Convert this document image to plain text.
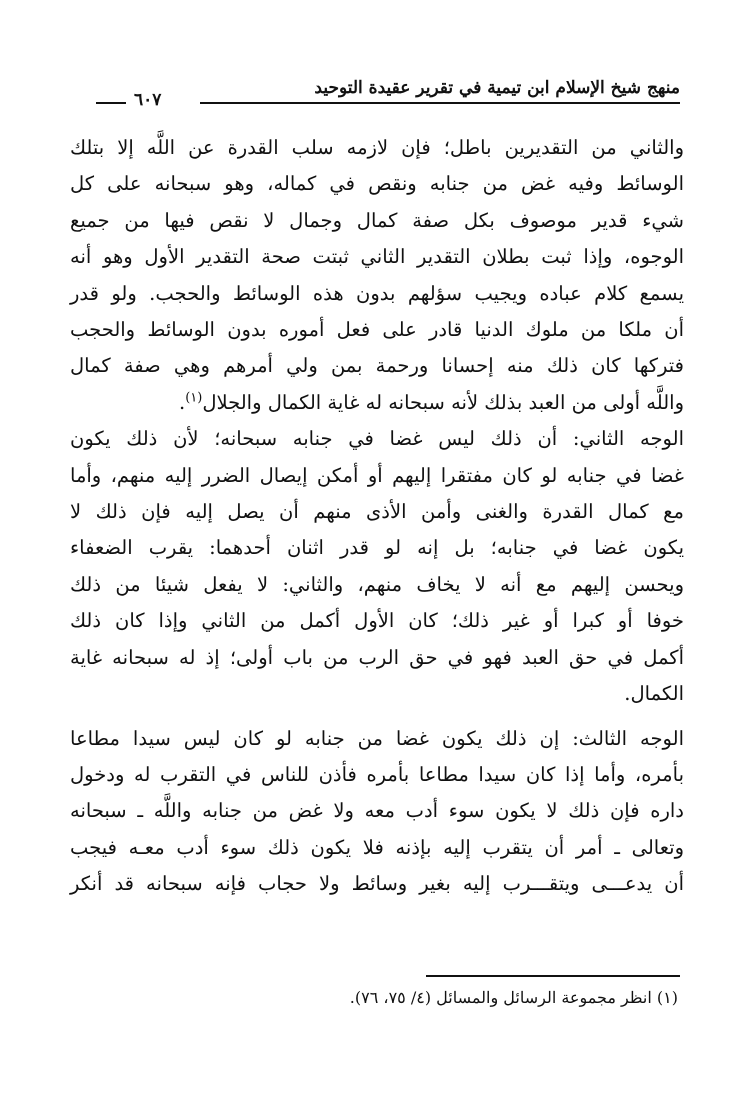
منهج شيخ الإسلام ابن تيمية في تقرير عقيدة التوحيد
٦٠٧
والثاني من التقديرين باطل؛ فإن لازمه سلب القدرة عن اللَّه إلا بتلك
الوسائط وفيه غض من جنابه ونقص في كماله، وهو سبحانه على كل
شيء قدير موصوف بكل صفة كمال وجمال لا نقص فيها من جميع
الوجوه، وإذا ثبت بطلان التقدير الثاني ثبتت صحة التقدير الأول وهو أنه
يسمع كلام عباده ويجيب سؤلهم بدون هذه الوسائط والحجب. ولو قدر
أن ملكا من ملوك الدنيا قادر على فعل أموره بدون الوسائط والحجب
فتركها كان ذلك منه إحسانا ورحمة بمن ولي أمرهم وهي صفة كمال
واللَّه أولى من العبد بذلك لأنه سبحانه له غاية الكمال والجلال$^{(١)}$.
الوجه الثاني: أن ذلك ليس غضا في جنابه سبحانه؛ لأن ذلك يكون
غضا في جنابه لو كان مفتقرا إليهم أو أمكن إيصال الضرر إليه منهم، وأما
مع كمال القدرة والغنى وأمن الأذى منهم أن يصل إليه فإن ذلك لا
يكون غضا في جنابه؛ بل إنه لو قدر اثنان أحدهما: يقرب الضعفاء
ويحسن إليهم مع أنه لا يخاف منهم، والثاني: لا يفعل شيئا من ذلك
خوفا أو كبرا أو غير ذلك؛ كان الأول أكمل من الثاني وإذا كان ذلك
أكمل في حق العبد فهو في حق الرب من باب أولى؛ إذ له سبحانه غاية
الكمال.
الوجه الثالث: إن ذلك يكون غضا من جنابه لو كان ليس سيدا مطاعا
بأمره، وأما إذا كان سيدا مطاعا بأمره فأذن للناس في التقرب له ودخول
داره فإن ذلك لا يكون سوء أدب معه ولا غض من جنابه واللَّه ـ سبحانه
وتعالى ـ أمر أن يتقرب إليه بإذنه فلا يكون ذلك سوء أدب معـه فيجب
أن يدعـــى ويتقـــرب إليه بغير وسائط ولا حجاب فإنه سبحانه قد أنكر
(١) انظر مجموعة الرسائل والمسائل (٤/ ٧٥، ٧٦).
